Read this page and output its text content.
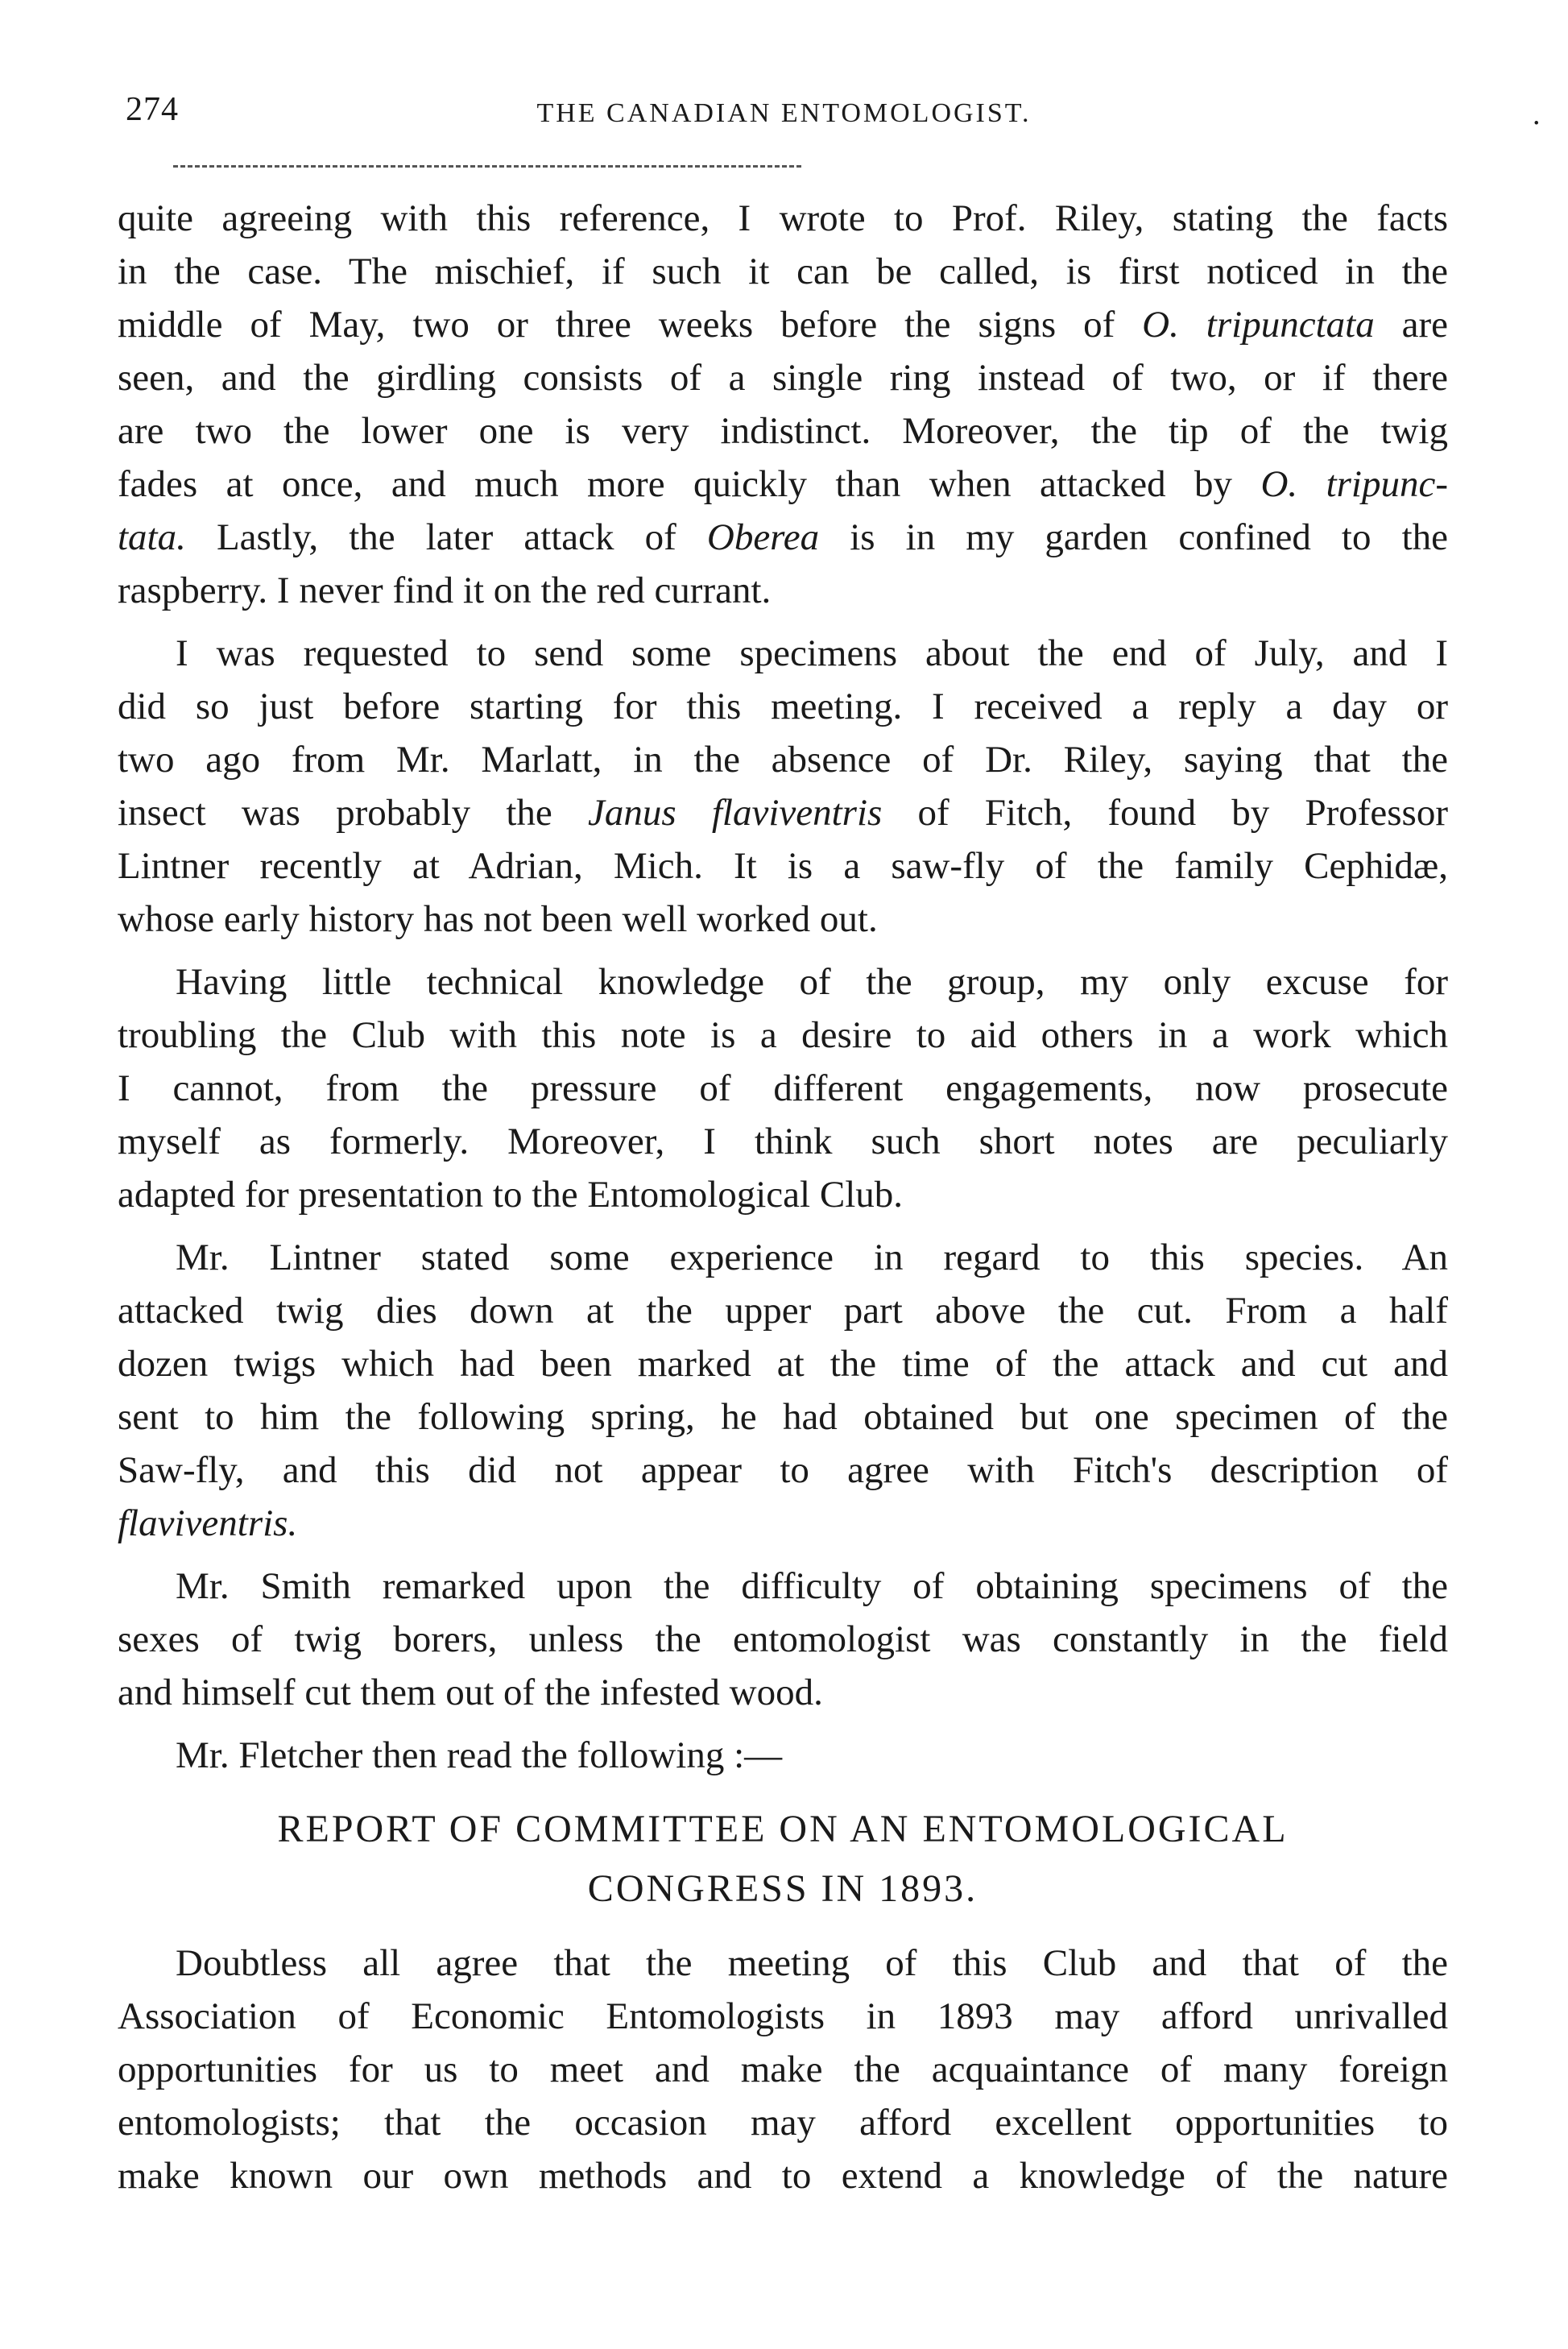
274	THE CANADIAN ENTOMOLOGIST.	.
quite agreeing with this reference, I wrote to Prof. Riley, stating the facts
in the case. The mischief, if such it can be called, is first noticed in the
middle of May, two or three weeks before the signs of O. tripunctata are
seen, and the girdling consists of a single ring instead of two, or if there
are two the lower one is very indistinct. Moreover, the tip of the twig
fades at once, and much more quickly than when attacked by O. tripunc-
tata. Lastly, the later attack of Oberea is in my garden confined to the
raspberry. I never find it on the red currant.
I was requested to send some specimens about the end of July, and I
did so just before starting for this meeting. I received a reply a day or
two ago from Mr. Marlatt, in the absence of Dr. Riley, saying that the
insect was probably the Janus flaviventris of Fitch, found by Professor
Lintner recently at Adrian, Mich. It is a saw-fly of the family Cephidæ,
whose early history has not been well worked out.
Having little technical knowledge of the group, my only excuse for
troubling the Club with this note is a desire to aid others in a work which
I cannot, from the pressure of different engagements, now prosecute
myself as formerly. Moreover, I think such short notes are peculiarly
adapted for presentation to the Entomological Club.
Mr. Lintner stated some experience in regard to this species. An
attacked twig dies down at the upper part above the cut. From a half
dozen twigs which had been marked at the time of the attack and cut and
sent to him the following spring, he had obtained but one specimen of the
Saw-fly, and this did not appear to agree with Fitch's description of
flaviventris.
Mr. Smith remarked upon the difficulty of obtaining specimens of the
sexes of twig borers, unless the entomologist was constantly in the field
and himself cut them out of the infested wood.
Mr. Fletcher then read the following :—
REPORT OF COMMITTEE ON AN ENTOMOLOGICAL
CONGRESS IN 1893.
Doubtless all agree that the meeting of this Club and that of the
Association of Economic Entomologists in 1893 may afford unrivalled
opportunities for us to meet and make the acquaintance of many foreign
entomologists; that the occasion may afford excellent opportunities to
make known our own methods and to extend a knowledge of the nature
